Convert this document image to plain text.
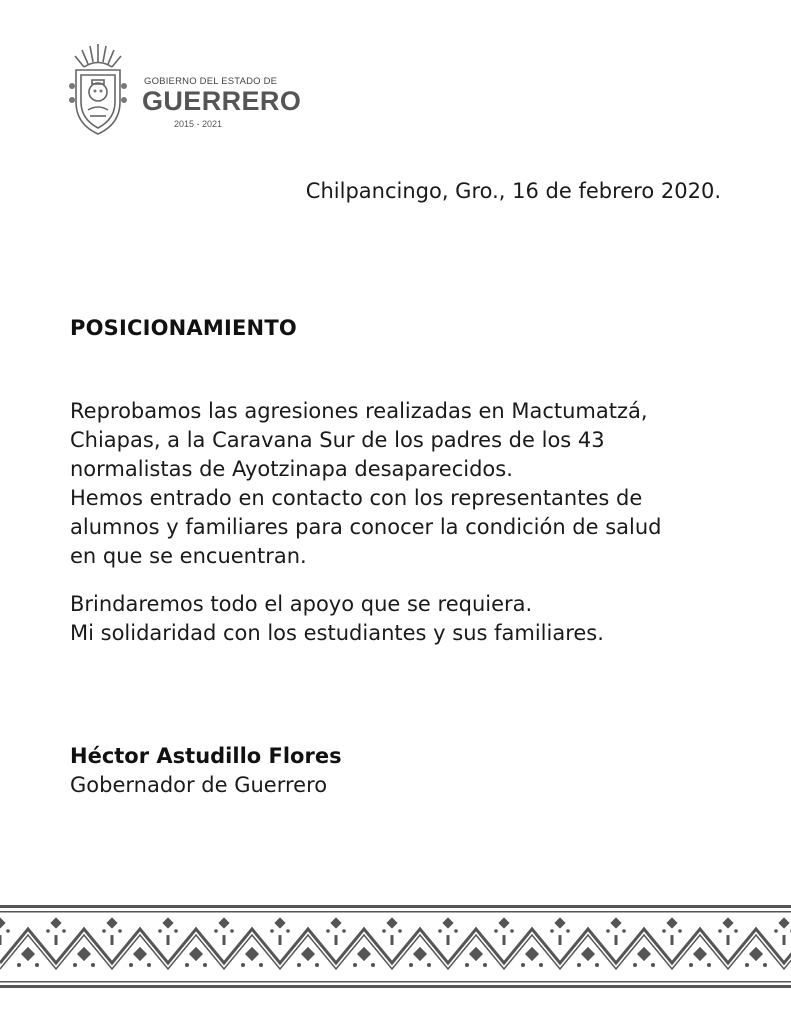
GOBIERNO DEL ESTADO DE
GUERRERO
2015 - 2021
Chilpancingo, Gro., 16 de febrero 2020.
POSICIONAMIENTO
Reprobamos las agresiones realizadas en Mactumatzá,
Chiapas, a la Caravana Sur de los padres de los 43
normalistas de Ayotzinapa desaparecidos.
Hemos entrado en contacto con los representantes de
alumnos y familiares para conocer la condición de salud
en que se encuentran.
Brindaremos todo el apoyo que se requiera.
Mi solidaridad con los estudiantes y sus familiares.
Héctor Astudillo Flores
Gobernador de Guerrero
